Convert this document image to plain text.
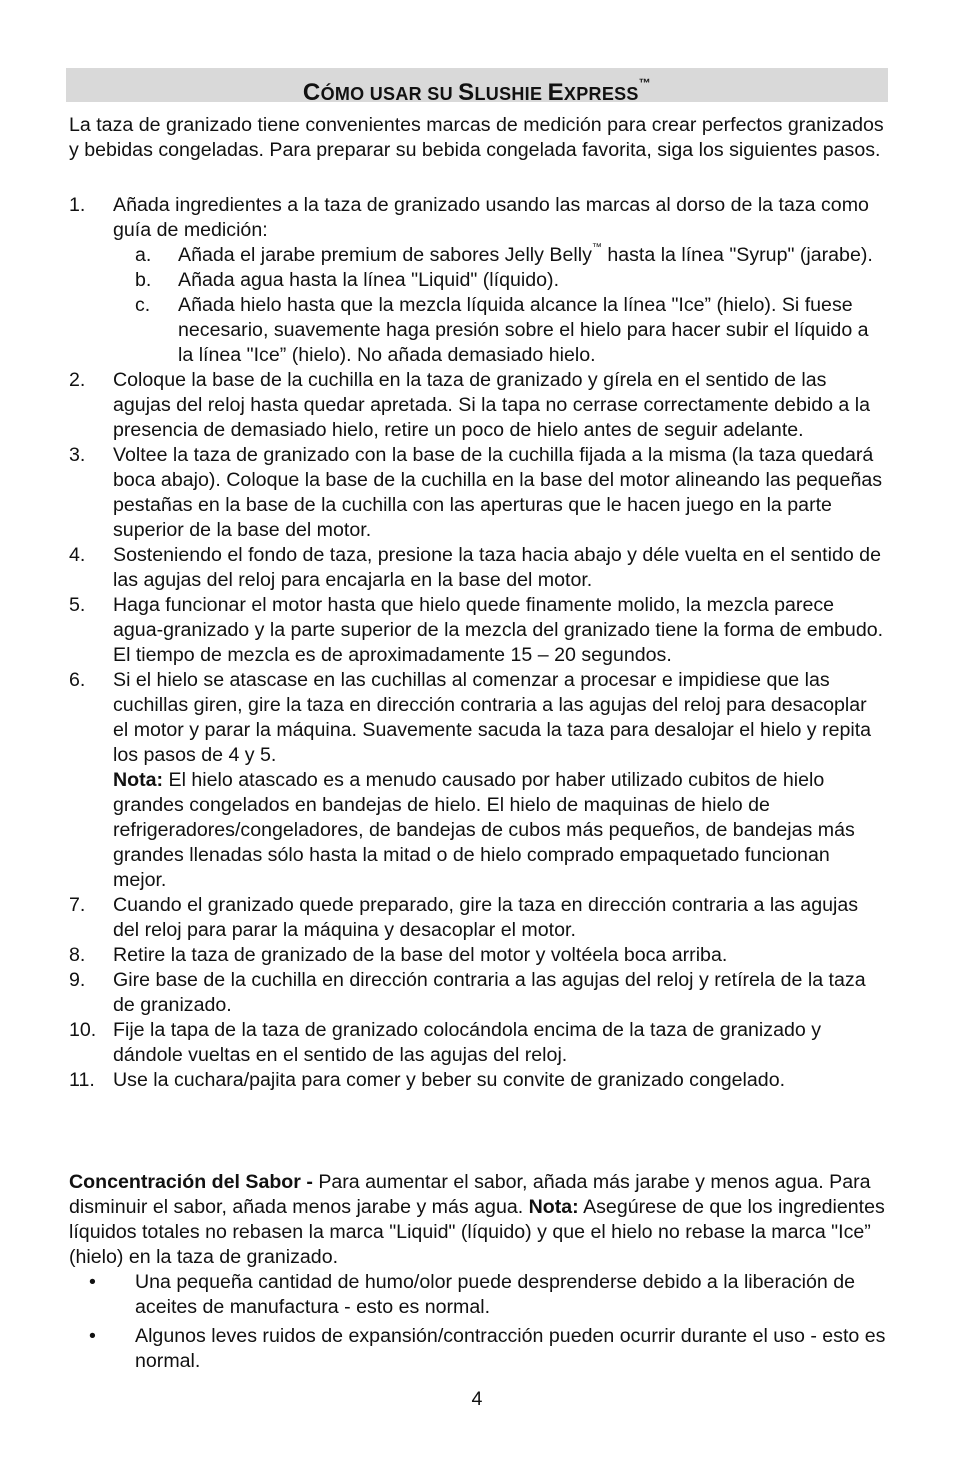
CÓMO USAR SU SLUSHIE EXPRESS™
La taza de granizado tiene convenientes marcas de medición para crear perfectos granizados y bebidas congeladas. Para preparar su bebida congelada favorita, siga los siguientes pasos.
1. Añada ingredientes a la taza de granizado usando las marcas al dorso de la taza como guía de medición:
a. Añada el jarabe premium de sabores Jelly Belly™ hasta la línea "Syrup" (jarabe).
b. Añada agua hasta la línea "Liquid" (líquido).
c. Añada hielo hasta que la mezcla líquida alcance la línea "Ice” (hielo). Si fuese necesario, suavemente haga presión sobre el hielo para hacer subir el líquido a la línea "Ice” (hielo). No añada demasiado hielo.
2. Coloque la base de la cuchilla en la taza de granizado y gírela en el sentido de las agujas del reloj hasta quedar apretada. Si la tapa no cerrase correctamente debido a la presencia de demasiado hielo, retire un poco de hielo antes de seguir adelante.
3. Voltee la taza de granizado con la base de la cuchilla fijada a la misma (la taza quedará boca abajo). Coloque la base de la cuchilla en la base del motor alineando las pequeñas pestañas en la base de la cuchilla con las aperturas que le hacen juego en la parte superior de la base del motor.
4. Sosteniendo el fondo de taza, presione la taza hacia abajo y déle vuelta en el sentido de las agujas del reloj para encajarla en la base del motor.
5. Haga funcionar el motor hasta que hielo quede finamente molido, la mezcla parece agua-granizado y la parte superior de la mezcla del granizado tiene la forma de embudo. El tiempo de mezcla es de aproximadamente 15 – 20 segundos.
6. Si el hielo se atascase en las cuchillas al comenzar a procesar e impidiese que las cuchillas giren, gire la taza en dirección contraria a las agujas del reloj para desacoplar el motor y parar la máquina. Suavemente sacuda la taza para desalojar el hielo y repita los pasos de 4 y 5.
Nota: El hielo atascado es a menudo causado por haber utilizado cubitos de hielo grandes congelados en bandejas de hielo. El hielo de maquinas de hielo de refrigeradores/congeladores, de bandejas de cubos más pequeños, de bandejas más grandes llenadas sólo hasta la mitad o de hielo comprado empaquetado funcionan mejor.
7. Cuando el granizado quede preparado, gire la taza en dirección contraria a las agujas del reloj para parar la máquina y desacoplar el motor.
8. Retire la taza de granizado de la base del motor y voltéela boca arriba.
9. Gire base de la cuchilla en dirección contraria a las agujas del reloj y retírela de la taza de granizado.
10. Fije la tapa de la taza de granizado colocándola encima de la taza de granizado y dándole vueltas en el sentido de las agujas del reloj.
11. Use la cuchara/pajita para comer y beber su convite de granizado congelado.
Concentración del Sabor - Para aumentar el sabor, añada más jarabe y menos agua. Para disminuir el sabor, añada menos jarabe y más agua. Nota: Asegúrese de que los ingredientes líquidos totales no rebasen la marca "Liquid" (líquido) y que el hielo no rebase la marca "Ice” (hielo) en la taza de granizado.
• Una pequeña cantidad de humo/olor puede desprenderse debido a la liberación de aceites de manufactura - esto es normal.
• Algunos leves ruidos de expansión/contracción pueden ocurrir durante el uso - esto es normal.
4
